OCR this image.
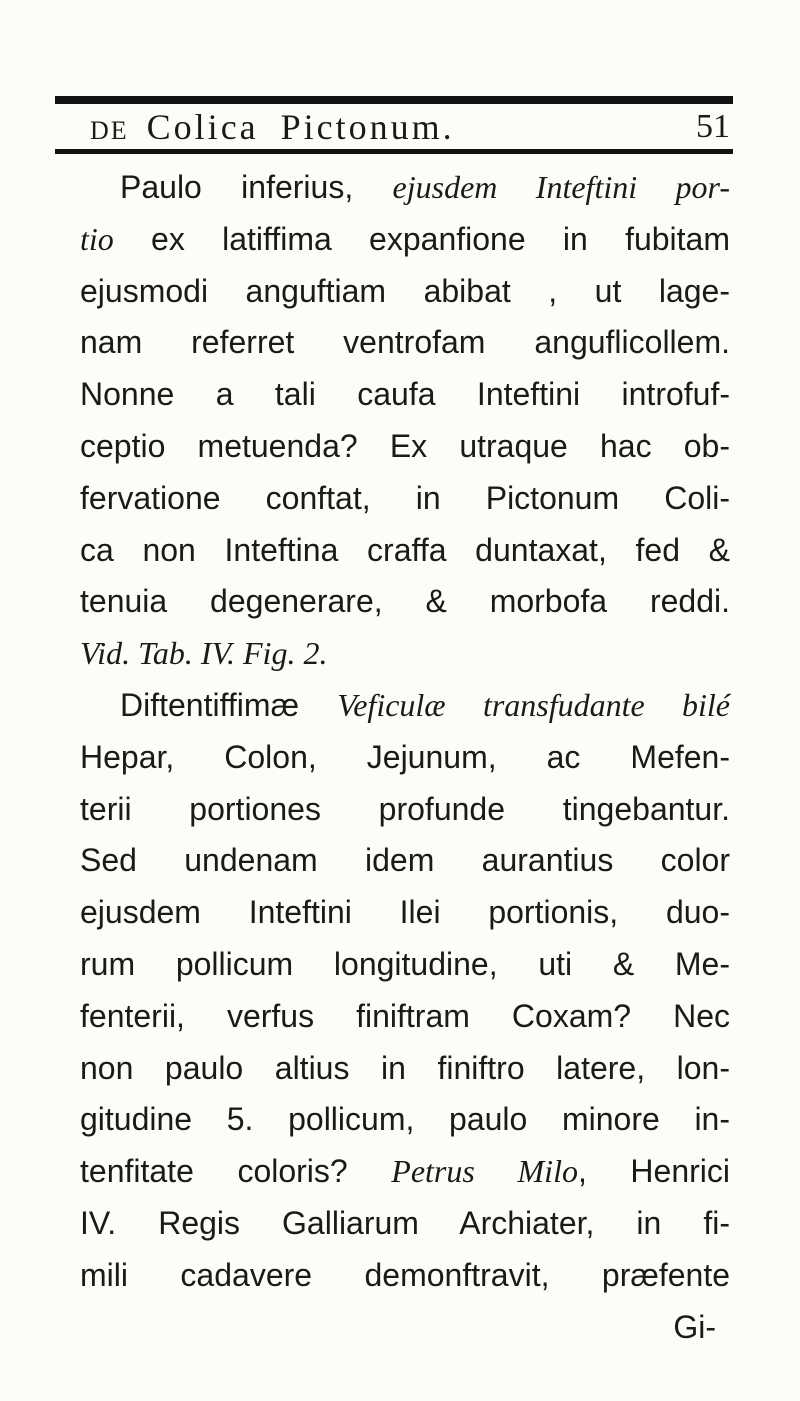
DE Colica Pictonum.	51
Paulo inferius, ejusdem Inteftini por-
tio ex latiffima expanfione in fubitam
ejusmodi anguftiam abibat , ut lage-
nam referret ventrofam anguflicollem.
Nonne a tali caufa Inteftini introfuf-
ceptio metuenda? Ex utraque hac ob-
fervatione conftat, in Pictonum Coli-
ca non Inteftina craffa duntaxat, fed &
tenuia degenerare, & morbofa reddi.
Vid. Tab. IV. Fig. 2.
Diftentiffimæ Veficulæ transfudante bilé
Hepar, Colon, Jejunum, ac Mefen-
terii portiones profunde tingebantur.
Sed undenam idem aurantius color
ejusdem Inteftini Ilei portionis, duo-
rum pollicum longitudine, uti & Me-
fenterii, verfus finiftram Coxam? Nec
non paulo altius in finiftro latere, lon-
gitudine 5. pollicum, paulo minore in-
tenfitate coloris? Petrus Milo, Henrici
IV. Regis Galliarum Archiater, in fi-
mili cadavere demonftravit, præfente
Gi-
